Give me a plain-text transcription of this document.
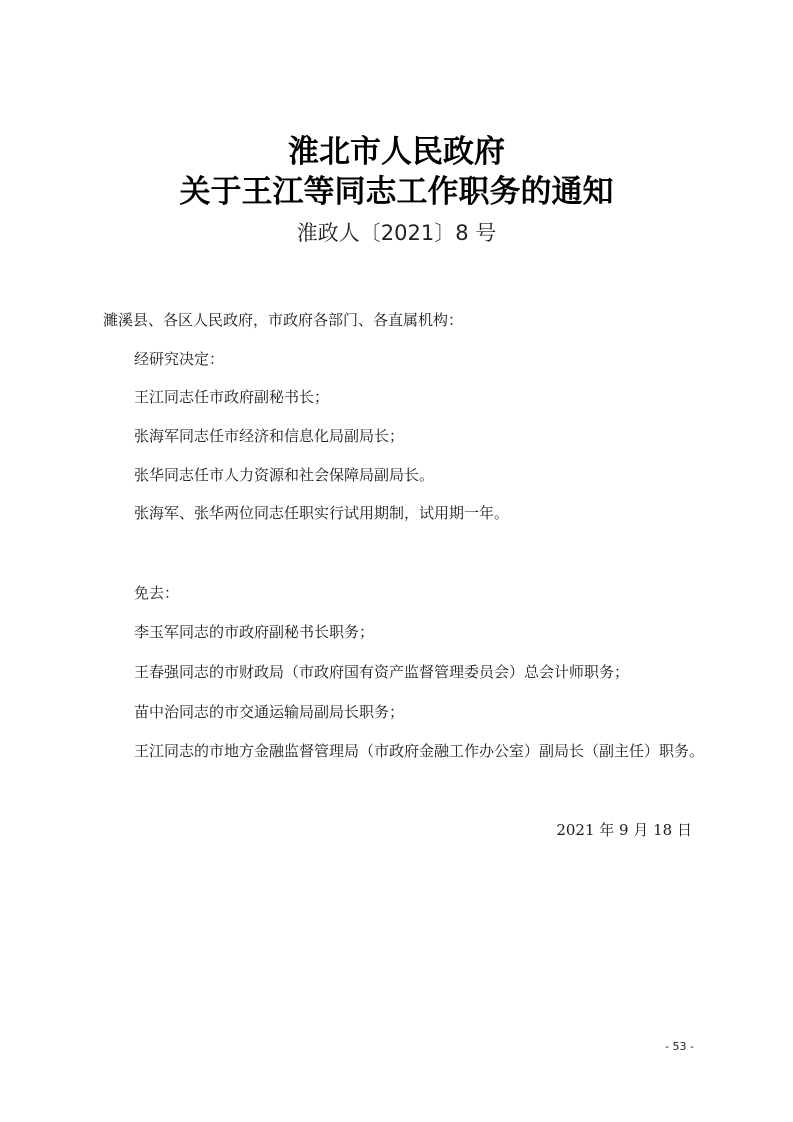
淮北市人民政府
关于王江等同志工作职务的通知
淮政人〔2021〕8 号
濉溪县、各区人民政府，市政府各部门、各直属机构：
经研究决定：
王江同志任市政府副秘书长；
张海军同志任市经济和信息化局副局长；
张华同志任市人力资源和社会保障局副局长。
张海军、张华两位同志任职实行试用期制，试用期一年。
免去：
李玉军同志的市政府副秘书长职务；
王春强同志的市财政局（市政府国有资产监督管理委员会）总会计师职务；
苗中治同志的市交通运输局副局长职务；
王江同志的市地方金融监督管理局（市政府金融工作办公室）副局长（副主任）职务。
2021 年 9 月 18 日
- 53 -
